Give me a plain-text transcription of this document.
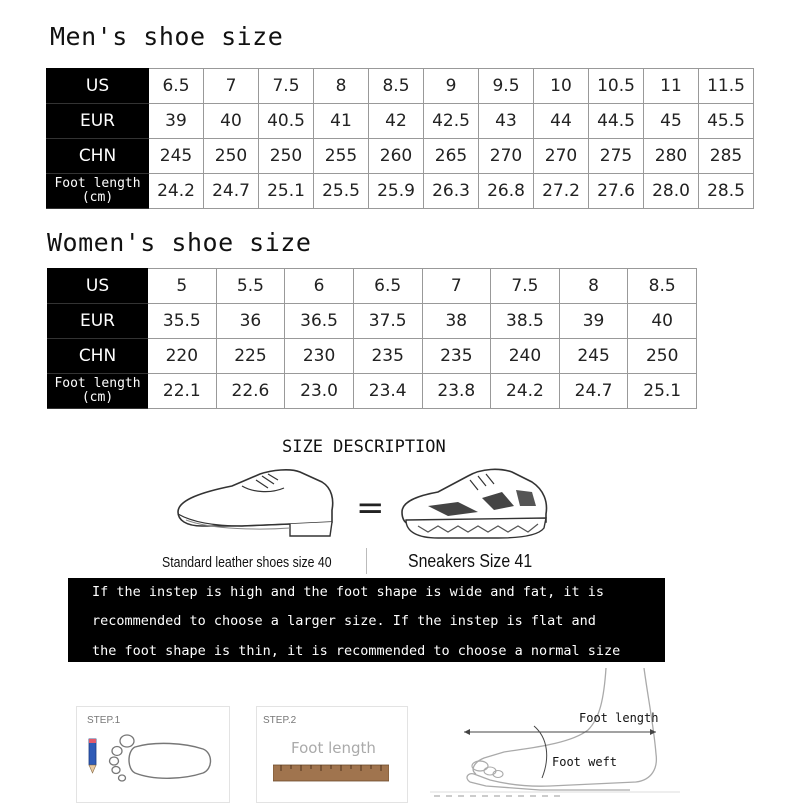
Men's shoe size
US	6.5	7	7.5	8	8.5	9	9.5	10	10.5	11	11.5

EUR	39	40	40.5	41	42	42.5	43	44	44.5	45	45.5

CHN	245	250	250	255	260	265	270	270	275	280	285

Foot length
(cm)	24.2	24.7	25.1	25.5	25.9	26.3	26.8	27.2	27.6	28.0	28.5
Women's shoe size
US	5	5.5	6	6.5	7	7.5	8	8.5

EUR	35.5	36	36.5	37.5	38	38.5	39	40

CHN	220	225	230	235	235	240	245	250

Foot length
(cm)	22.1	22.6	23.0	23.4	23.8	24.2	24.7	25.1
SIZE DESCRIPTION
=
Standard leather shoes size 40	Sneakers Size 41
If the instep is high and the foot shape is wide and fat, it is
recommended to choose a larger size. If the instep is flat and
the foot shape is thin, it is recommended to choose a normal size
STEP.1	STEP.2
Foot length
Foot length
Foot weft
